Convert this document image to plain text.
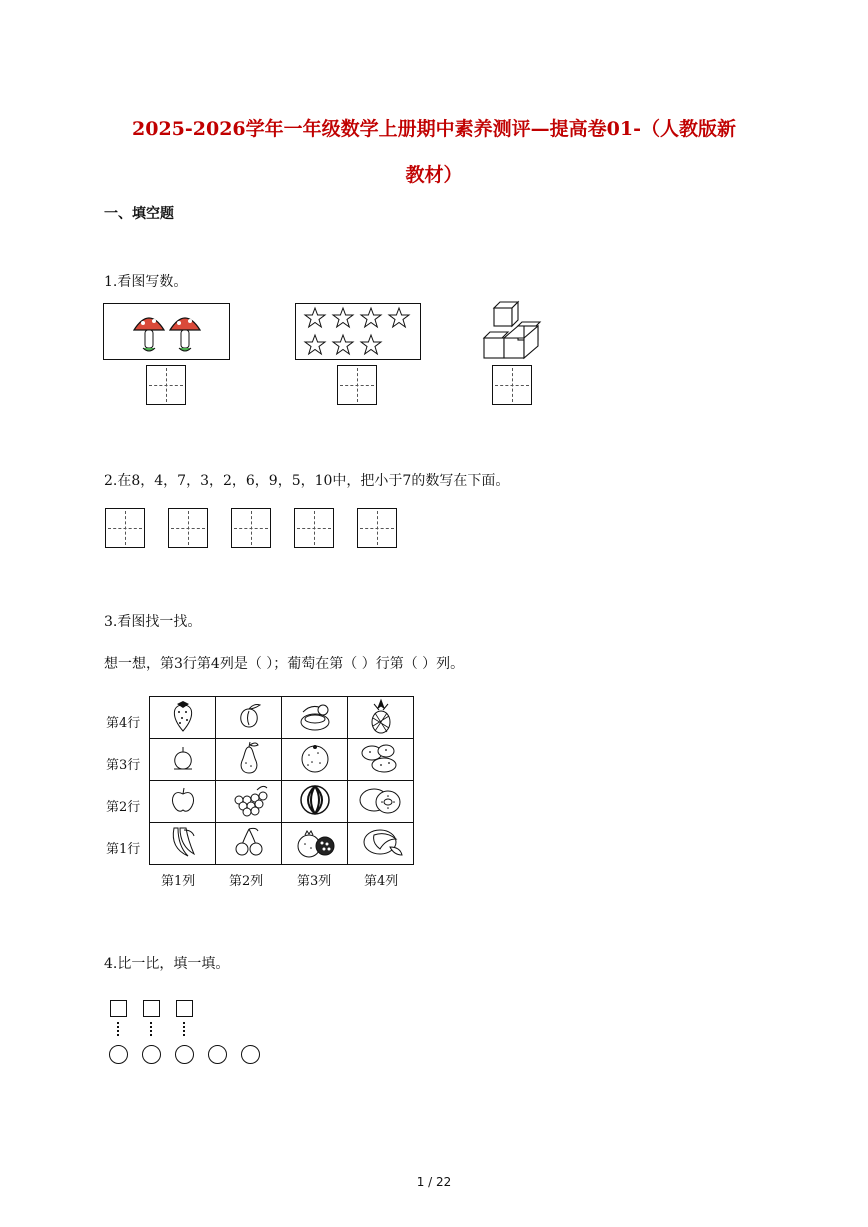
2025-2026学年一年级数学上册期中素养测评—提高卷01-（人教版新
教材）
一、填空题
1.看图写数。
2.在8，4，7，3，2，6，9，5，10中，把小于7的数写在下面。
3.看图找一找。
想一想，第3行第4列是（ ）；葡萄在第（ ）行第（ ）列。
第4行
第3行
第2行
第1行

第1列	第2列	第3列	第4列
4.比一比，填一填。
1 / 22
